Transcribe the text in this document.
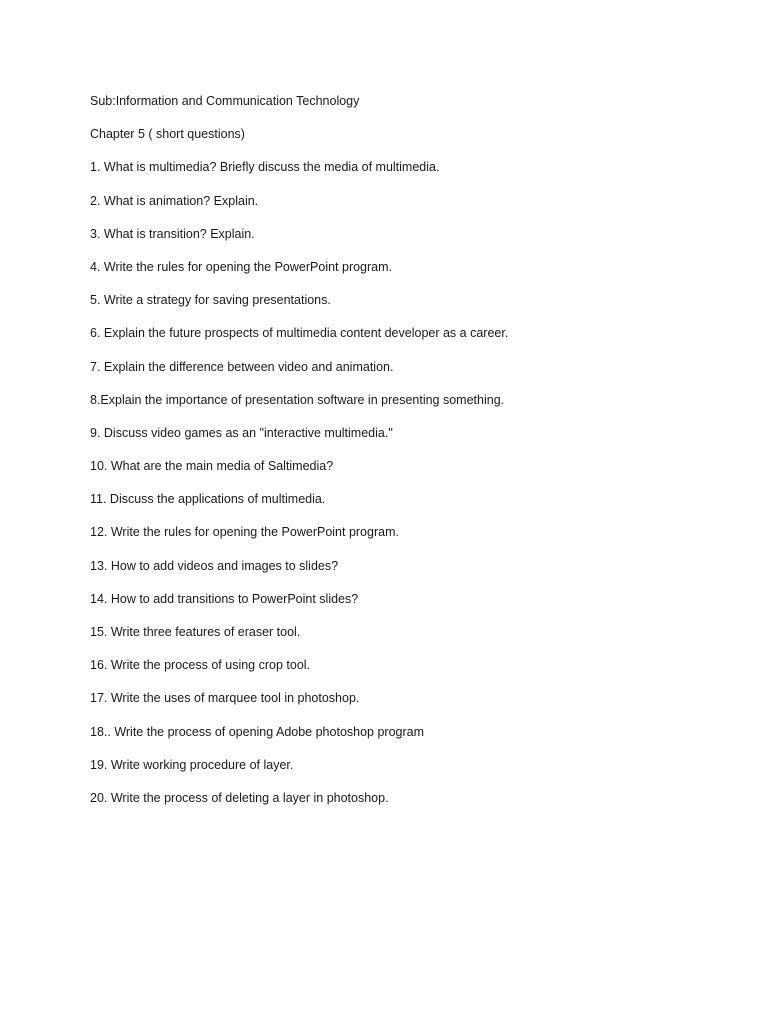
Sub:Information and Communication Technology
Chapter 5 ( short questions)
1. What is multimedia? Briefly discuss the media of multimedia.
2. What is animation? Explain.
3. What is transition? Explain.
4. Write the rules for opening the PowerPoint program.
5. Write a strategy for saving presentations.
6. Explain the future prospects of multimedia content developer as a career.
7. Explain the difference between video and animation.
8.Explain the importance of presentation software in presenting something.
9. Discuss video games as an "interactive multimedia."
10. What are the main media of Saltimedia?
11. Discuss the applications of multimedia.
12. Write the rules for opening the PowerPoint program.
13. How to add videos and images to slides?
14. How to add transitions to PowerPoint slides?
15. Write three features of eraser tool.
16. Write the process of using crop tool.
17. Write the uses of marquee tool in photoshop.
18.. Write the process of opening Adobe photoshop program
19. Write working procedure of layer.
20. Write the process of deleting a layer in photoshop.
